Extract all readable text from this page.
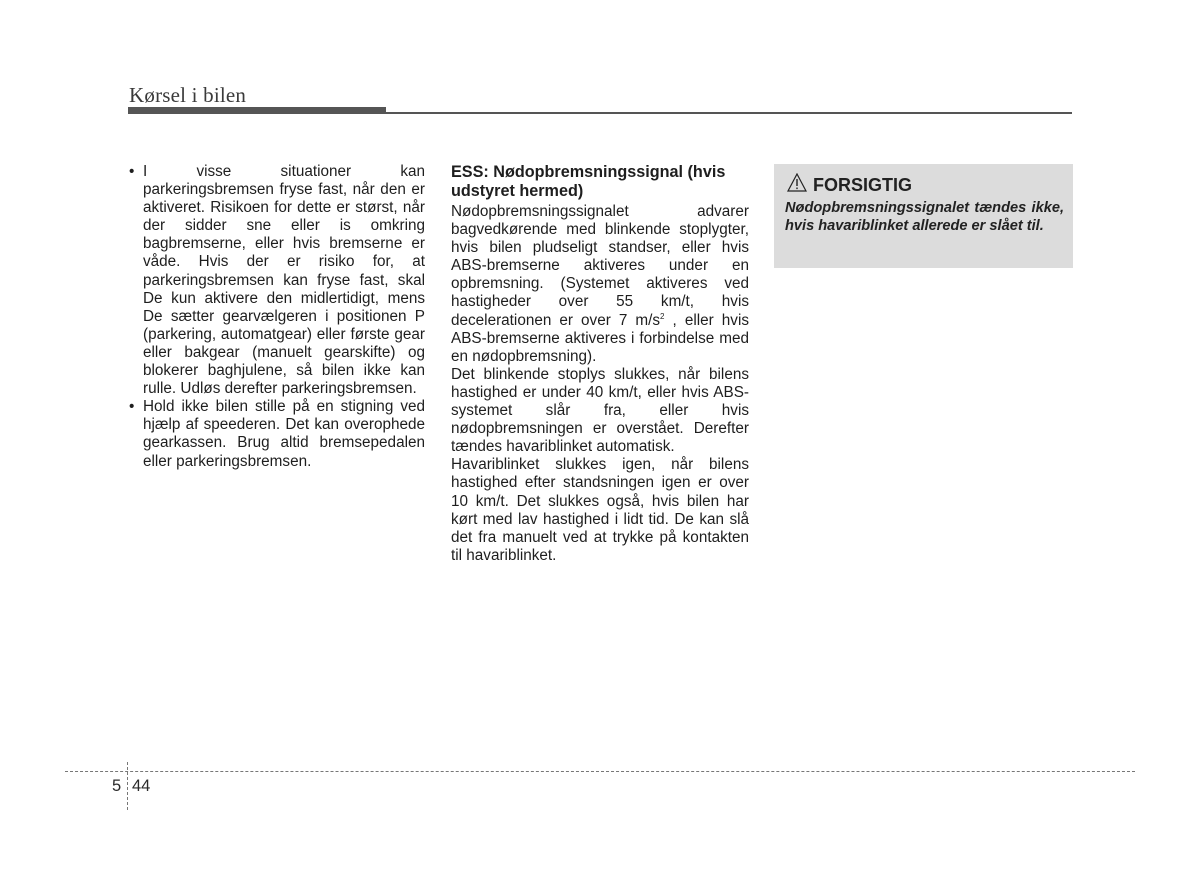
Kørsel i bilen
• I visse situationer kan parkeringsbremsen fryse fast, når den er aktiveret. Risikoen for dette er størst, når der sidder sne eller is omkring bagbremserne, eller hvis bremserne er våde. Hvis der er risiko for, at parkeringsbremsen kan fryse fast, skal De kun aktivere den midlertidigt, mens De sætter gearvælgeren i positionen P (parkering, automatgear) eller første gear eller bakgear (manuelt gearskifte) og blokerer baghjulene, så bilen ikke kan rulle. Udløs derefter parkeringsbremsen.
• Hold ikke bilen stille på en stigning ved hjælp af speederen. Det kan overophede gearkassen. Brug altid bremsepedalen eller parkeringsbremsen.

ESS: Nødopbremsningssignal (hvis udstyret hermed)

Nødopbremsningssignalet advarer bagvedkørende med blinkende stoplygter, hvis bilen pludseligt standser, eller hvis ABS-bremserne aktiveres under en opbremsning. (Systemet aktiveres ved hastigheder over 55 km/t, hvis decelerationen er over 7 $m/s^2$ , eller hvis ABS-bremserne aktiveres i forbindelse med en nødopbremsning).

Det blinkende stoplys slukkes, når bilens hastighed er under 40 km/t, eller hvis ABS-systemet slår fra, eller hvis nødopbremsningen er overstået. Derefter tændes havariblinket automatisk.

Havariblinket slukkes igen, når bilens hastighed efter standsningen igen er over 10 km/t. Det slukkes også, hvis bilen har kørt med lav hastighed i lidt tid. De kan slå det fra manuelt ved at trykke på kontakten til havariblinket.

FORSIGTIG
Nødopbremsningssignalet tændes ikke, hvis havariblinket allerede er slået til.
5 44
